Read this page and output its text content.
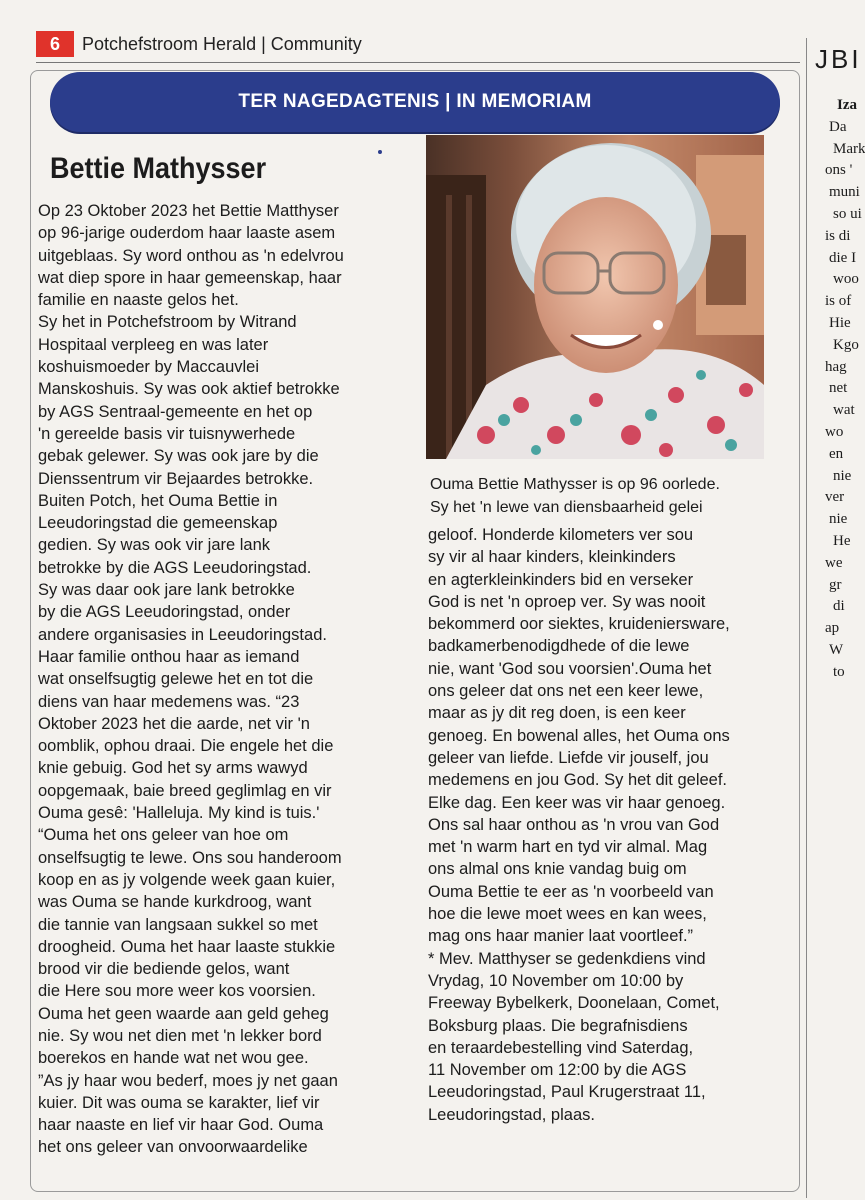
6	Potchefstroom Herald | Community
JBI
Iza
Da
Mark
ons '
muni
so ui
is di
die I
woo
is of
Hie
Kgo
hag
net
wat
wo
en
nie
ver
nie
He
we
gr
di
ap
W
to
TER NAGEDAGTENIS | IN MEMORIAM
Bettie Mathysser
Op 23 Oktober 2023 het Bettie Matthyser
op 96-jarige ouderdom haar laaste asem
uitgeblaas. Sy word onthou as 'n edelvrou
wat diep spore in haar gemeenskap, haar
familie en naaste gelos het.
Sy het in Potchefstroom by Witrand
Hospitaal verpleeg en was later
koshuismoeder by Maccauvlei
Manskoshuis. Sy was ook aktief betrokke
by AGS Sentraal-gemeente en het op
'n gereelde basis vir tuisnywerhede
gebak gelewer. Sy was ook jare by die
Dienssentrum vir Bejaardes betrokke.
Buiten Potch, het Ouma Bettie in
Leeudoringstad die gemeenskap
gedien. Sy was ook vir jare lank
betrokke by die AGS Leeudoringstad.
Sy was daar ook jare lank betrokke
by die AGS Leeudoringstad, onder
andere organisasies in Leeudoringstad.
Haar familie onthou haar as iemand
wat onselfsugtig gelewe het en tot die
diens van haar medemens was. “23
Oktober 2023 het die aarde, net vir 'n
oomblik, ophou draai. Die engele het die
knie gebuig. God het sy arms wawyd
oopgemaak, baie breed geglimlag en vir
Ouma gesê: 'Halleluja. My kind is tuis.'
“Ouma het ons geleer van hoe om
onselfsugtig te lewe. Ons sou handeroom
koop en as jy volgende week gaan kuier,
was Ouma se hande kurkdroog, want
die tannie van langsaan sukkel so met
droogheid. Ouma het haar laaste stukkie
brood vir die bediende gelos, want
die Here sou more weer kos voorsien.
Ouma het geen waarde aan geld geheg
nie. Sy wou net dien met 'n lekker bord
boerekos en hande wat net wou gee.
”As jy haar wou bederf, moes jy net gaan
kuier. Dit was ouma se karakter, lief vir
haar naaste en lief vir haar God. Ouma
het ons geleer van onvoorwaardelike
Ouma Bettie Mathysser is op 96 oorlede.
Sy het 'n lewe van diensbaarheid gelei
geloof. Honderde kilometers ver sou
sy vir al haar kinders, kleinkinders
en agterkleinkinders bid en verseker
God is net 'n oproep ver. Sy was nooit
bekommerd oor siektes, kruideniersware,
badkamerbenodigdhede of die lewe
nie, want 'God sou voorsien'.Ouma het
ons geleer dat ons net een keer lewe,
maar as jy dit reg doen, is een keer
genoeg. En bowenal alles, het Ouma ons
geleer van liefde. Liefde vir jouself, jou
medemens en jou God. Sy het dit geleef.
Elke dag. Een keer was vir haar genoeg.
Ons sal haar onthou as 'n vrou van God
met 'n warm hart en tyd vir almal. Mag
ons almal ons knie vandag buig om
Ouma Bettie te eer as 'n voorbeeld van
hoe die lewe moet wees en kan wees,
mag ons haar manier laat voortleef.”
* Mev. Matthyser se gedenkdiens vind
Vrydag, 10 November om 10:00 by
Freeway Bybelkerk, Doonelaan, Comet,
Boksburg plaas. Die begrafnisdiens
en teraardebestelling vind Saterdag,
11 November om 12:00 by die AGS
Leeudoringstad, Paul Krugerstraat 11,
Leeudoringstad, plaas.
